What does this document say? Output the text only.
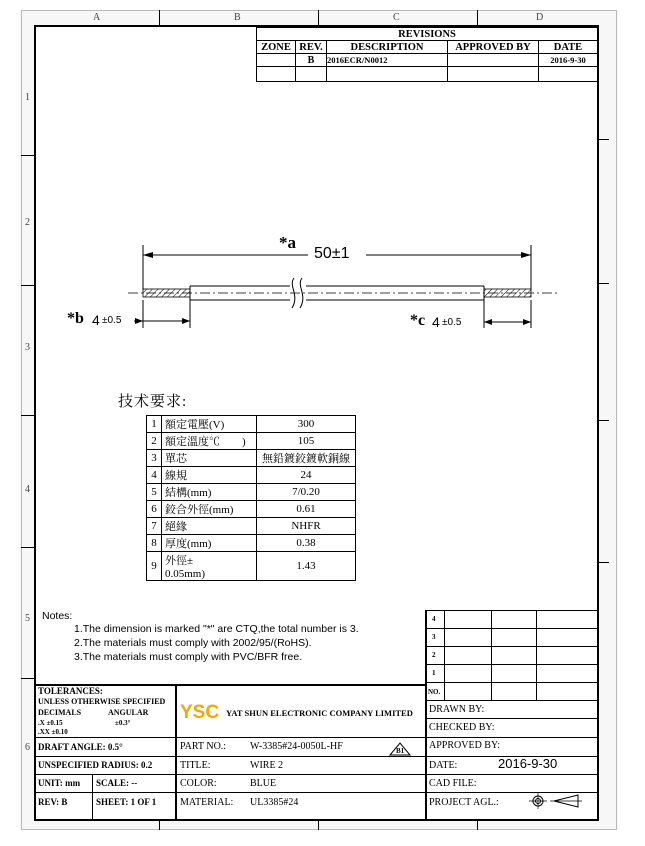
A	B	C	D
1
2
3
4
5
6
REVISIONS				
ZONE	REV.	DESCRIPTION	APPROVED BY	DATE
	B	2016ECR/N0012		2016-9-30

*a
50±1
*b 4 ±0.5	*c 4 ±0.5
技术要求:
1	額定電壓(V)	300
2	額定溫度℃　　)	105
3	單芯	無鉛鍍鉸鍍軟銅線
4	線規	24
5	結構(mm)	7/0.20
6	鉸合外徑(mm)	0.61
7	絕緣	NHFR
8	厚度(mm)	0.38
9	外徑±　　0.05mm)	1.43
Notes:
1.The dimension is marked "*" are CTQ,the total number is 3.
2.The materials must comply with 2002/95/(RoHS).
3.The materials must comply with PVC/BFR free.
4
3
2
1
NO.
TOLERANCES:
UNLESS OTHERWISE SPECIFIED
DECIMALS	ANGULAR
.X ±0.15	±0.3°
.XX ±0.10
DRAFT ANGLE: 0.5°
UNSPECIFIED RADIUS: 0.2
UNIT: mm SCALE: --
REV: B	SHEET: 1 OF 1
YSC YAT SHUN ELECTRONIC COMPANY LIMITED
PART NO.: W-3385#24-0050L-HF	B1
TITLE:	WIRE 2
COLOR:	BLUE
MATERIAL: UL3385#24
DRAWN BY:
CHECKED BY:
APPROVED BY:
DATE:	2016-9-30
CAD FILE:
PROJECT AGL.:
